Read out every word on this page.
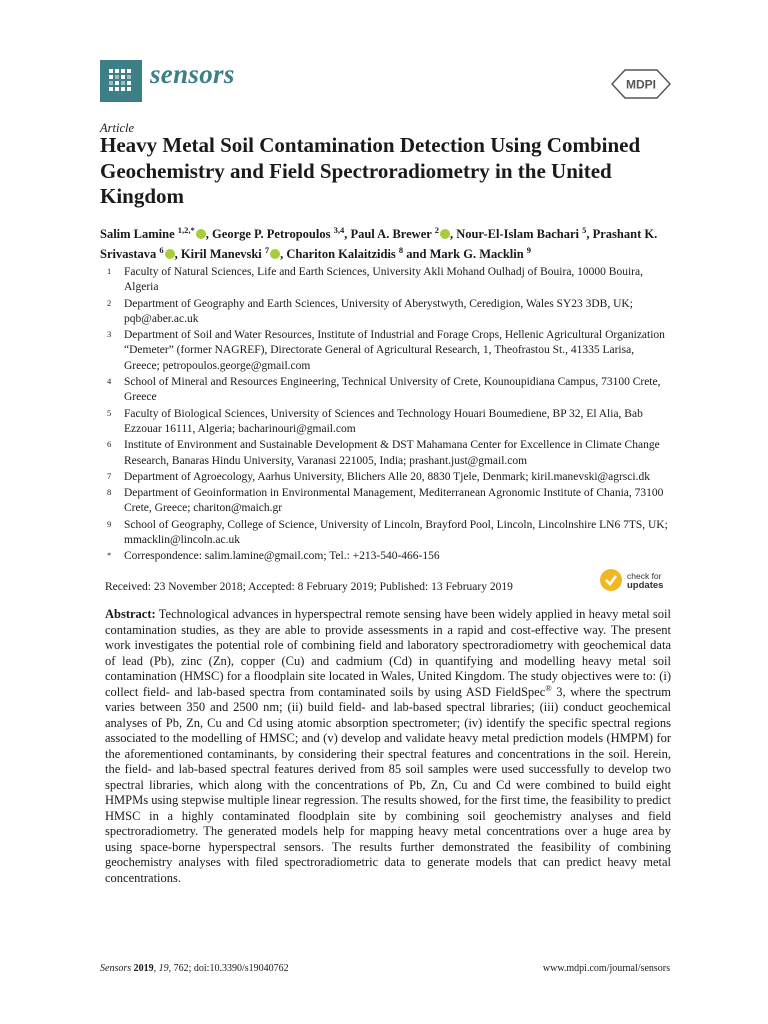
sensors	MDPI
Article
Heavy Metal Soil Contamination Detection Using Combined Geochemistry and Field Spectroradiometry in the United Kingdom
Salim Lamine $^{1,2,*}$ , George P. Petropoulos $^{3,4}$, Paul A. Brewer $^2$ , Nour-El-Islam Bachari $^5$, Prashant K. Srivastava $^6$ , Kiril Manevski $^7$ , Chariton Kalaitzidis $^8$ and Mark G. Macklin $^9$
1 Faculty of Natural Sciences, Life and Earth Sciences, University Akli Mohand Oulhadj of Bouira, 10000 Bouira, Algeria
2 Department of Geography and Earth Sciences, University of Aberystwyth, Ceredigion, Wales SY23 3DB, UK; pqb@aber.ac.uk
3 Department of Soil and Water Resources, Institute of Industrial and Forage Crops, Hellenic Agricultural Organization “Demeter” (former NAGREF), Directorate General of Agricultural Research, 1, Theofrastou St., 41335 Larisa, Greece; petropoulos.george@gmail.com
4 School of Mineral and Resources Engineering, Technical University of Crete, Kounoupidiana Campus, 73100 Crete, Greece
5 Faculty of Biological Sciences, University of Sciences and Technology Houari Boumediene, BP 32, El Alia, Bab Ezzouar 16111, Algeria; bacharinouri@gmail.com
6 Institute of Environment and Sustainable Development & DST Mahamana Center for Excellence in Climate Change Research, Banaras Hindu University, Varanasi 221005, India; prashant.just@gmail.com
7 Department of Agroecology, Aarhus University, Blichers Alle 20, 8830 Tjele, Denmark; kiril.manevski@agrsci.dk
8 Department of Geoinformation in Environmental Management, Mediterranean Agronomic Institute of Chania, 73100 Crete, Greece; chariton@maich.gr
9 School of Geography, College of Science, University of Lincoln, Brayford Pool, Lincoln, Lincolnshire LN6 7TS, UK; mmacklin@lincoln.ac.uk
* Correspondence: salim.lamine@gmail.com; Tel.: +213-540-466-156
Received: 23 November 2018; Accepted: 8 February 2019; Published: 13 February 2019
check for
updates
Abstract: Technological advances in hyperspectral remote sensing have been widely applied in heavy metal soil contamination studies, as they are able to provide assessments in a rapid and cost-effective way. The present work investigates the potential role of combining field and laboratory spectroradiometry with geochemical data of lead (Pb), zinc (Zn), copper (Cu) and cadmium (Cd) in quantifying and modelling heavy metal soil contamination (HMSC) for a floodplain site located in Wales, United Kingdom. The study objectives were to: (i) collect field- and lab-based spectra from contaminated soils by using ASD FieldSpec® 3, where the spectrum varies between 350 and 2500 nm; (ii) build field- and lab-based spectral libraries; (iii) conduct geochemical analyses of Pb, Zn, Cu and Cd using atomic absorption spectrometer; (iv) identify the specific spectral regions associated to the modelling of HMSC; and (v) develop and validate heavy metal prediction models (HMPM) for the aforementioned contaminants, by considering their spectral features and concentrations in the soil. Herein, the field- and lab-based spectral features derived from 85 soil samples were used successfully to develop two spectral libraries, which along with the concentrations of Pb, Zn, Cu and Cd were combined to build eight HMPMs using stepwise multiple linear regression. The results showed, for the first time, the feasibility to predict HMSC in a highly contaminated floodplain site by combining soil geochemistry analyses and field spectroradiometry. The generated models help for mapping heavy metal concentrations over a huge area by using space-borne hyperspectral sensors. The results further demonstrated the feasibility of combining geochemistry analyses with filed spectroradiometric data to generate models that can predict heavy metal concentrations.
Sensors 2019, 19, 762; doi:10.3390/s19040762	www.mdpi.com/journal/sensors
